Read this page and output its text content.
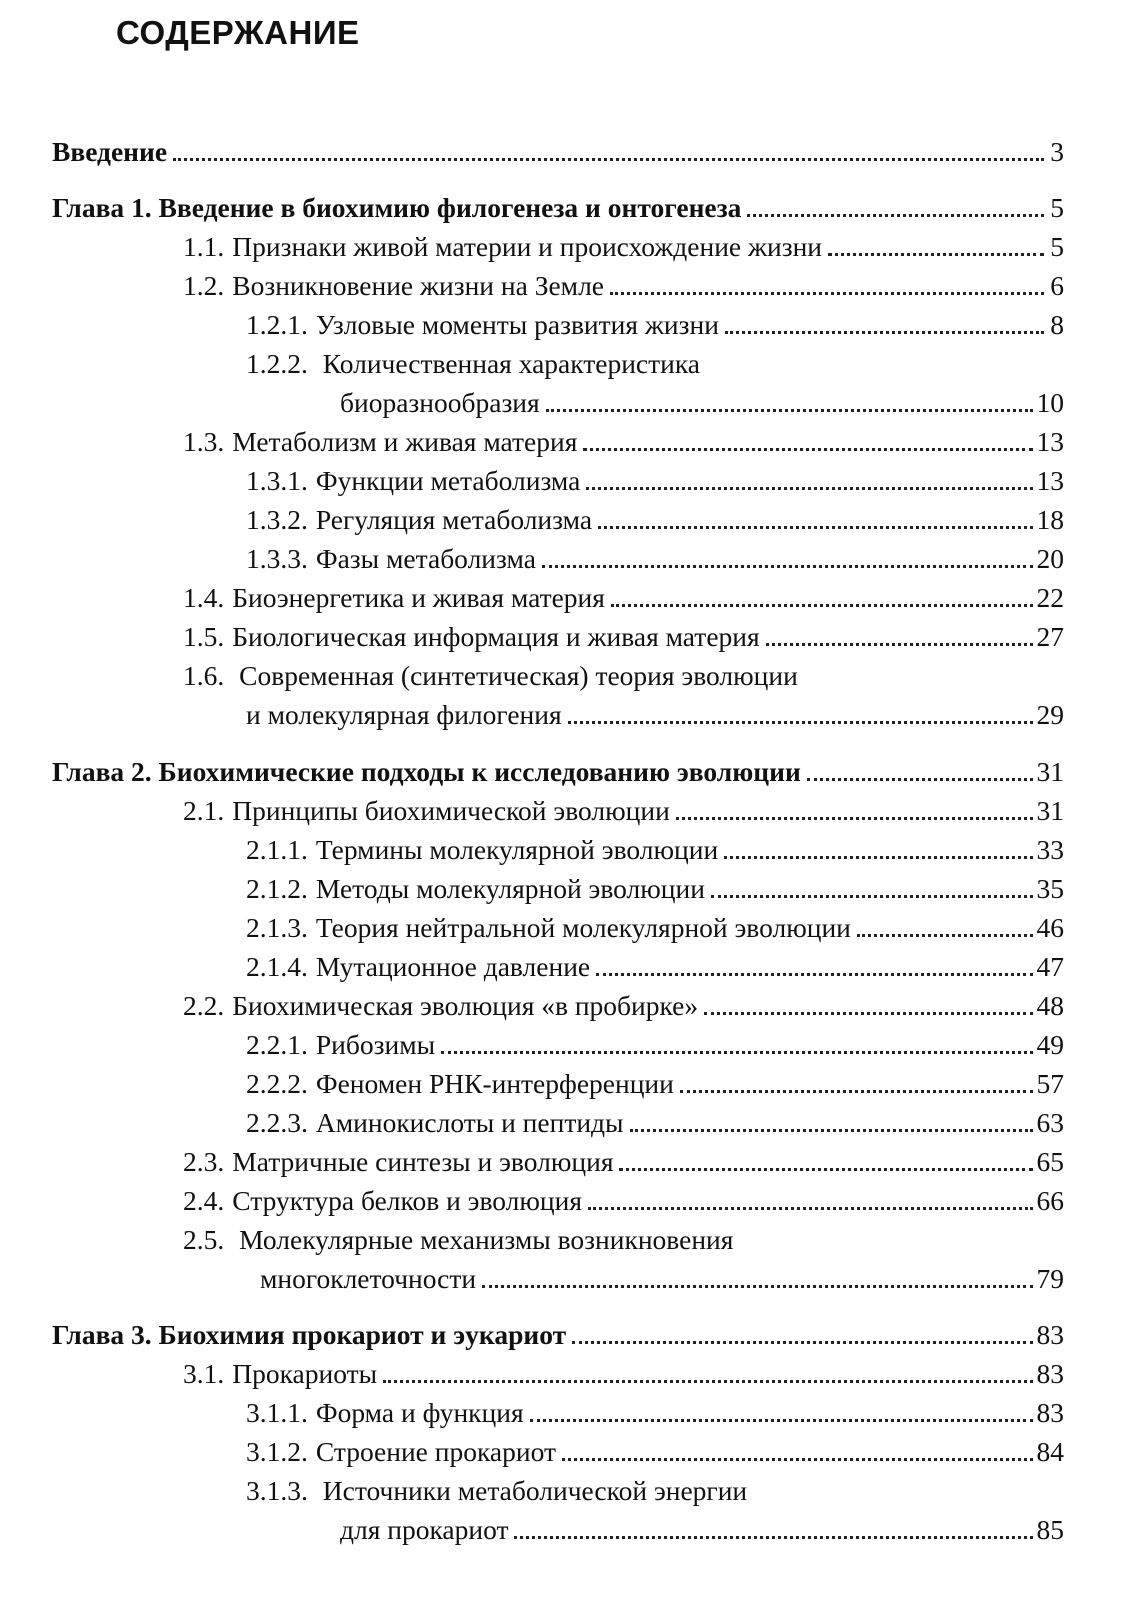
СОДЕРЖАНИЕ
Введение	3
Глава 1. Введение в биохимию филогенеза и онтогенеза	5
1.1. Признаки живой материи и происхождение жизни	5
1.2. Возникновение жизни на Земле	6
1.2.1. Узловые моменты развития жизни	8
1.2.2. Количественная характеристика
биоразнообразия	10
1.3. Метаболизм и живая материя	13
1.3.1. Функции метаболизма	13
1.3.2. Регуляция метаболизма	18
1.3.3. Фазы метаболизма	20
1.4. Биоэнергетика и живая материя	22
1.5. Биологическая информация и живая материя	27
1.6. Современная (синтетическая) теория эволюции
и молекулярная филогения	29
Глава 2. Биохимические подходы к исследованию эволюции	31
2.1. Принципы биохимической эволюции	31
2.1.1. Термины молекулярной эволюции	33
2.1.2. Методы молекулярной эволюции	35
2.1.3. Теория нейтральной молекулярной эволюции	46
2.1.4. Мутационное давление	47
2.2. Биохимическая эволюция «в пробирке»	48
2.2.1. Рибозимы	49
2.2.2. Феномен РНК-интерференции	57
2.2.3. Аминокислоты и пептиды	63
2.3. Матричные синтезы и эволюция	65
2.4. Структура белков и эволюция	66
2.5. Молекулярные механизмы возникновения
многоклеточности	79
Глава 3. Биохимия прокариот и эукариот	83
3.1. Прокариоты	83
3.1.1. Форма и функция	83
3.1.2. Строение прокариот	84
3.1.3. Источники метаболической энергии
для прокариот	85
